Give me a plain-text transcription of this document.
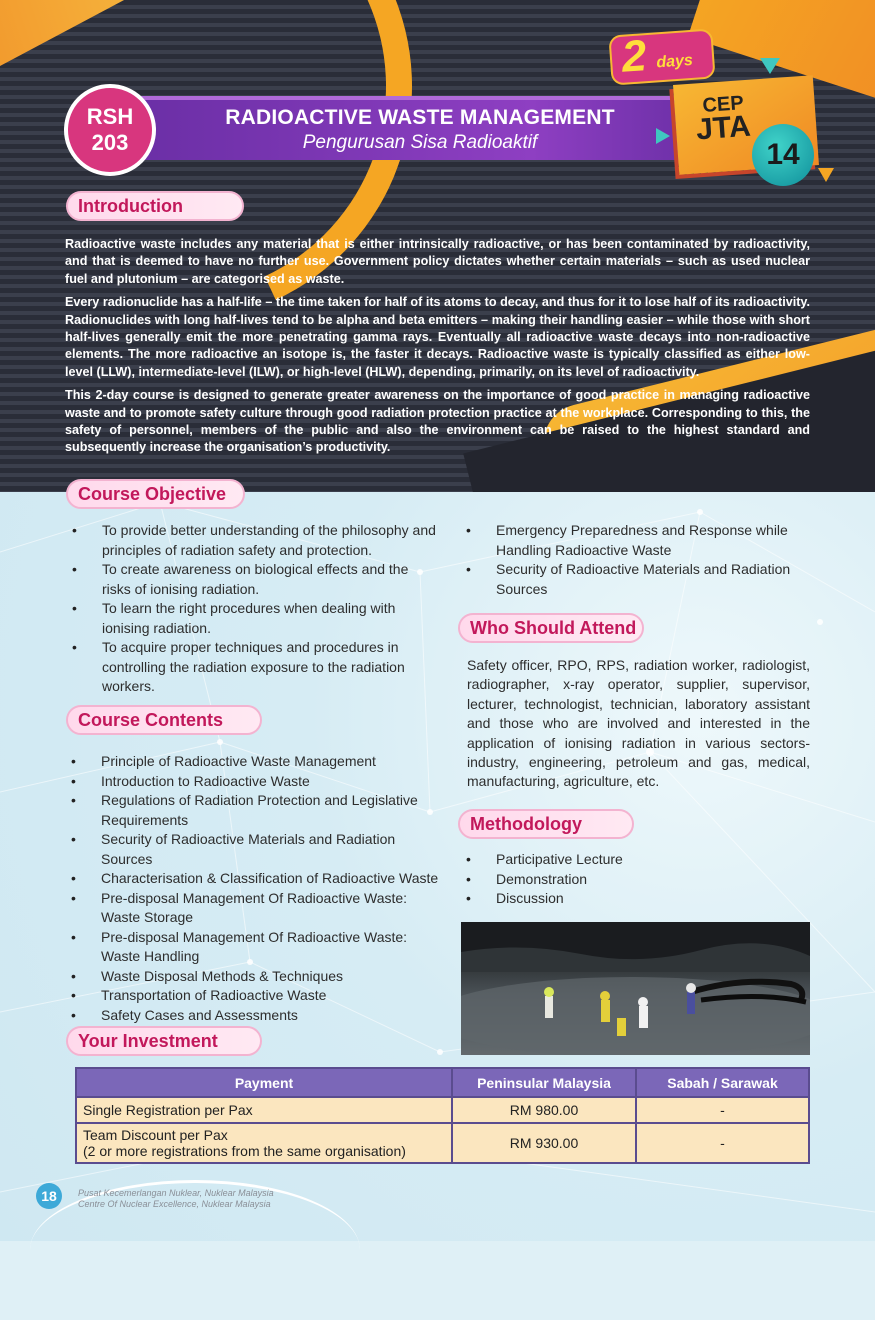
RSH
203
RADIOACTIVE WASTE MANAGEMENT
Pengurusan Sisa Radioaktif
2 days
CEP
JTA
14
Introduction

Radioactive waste includes any material that is either intrinsically radioactive, or has been contaminated by radioactivity, and that is deemed to have no further use. Government policy dictates whether certain materials – such as used nuclear fuel and plutonium – are categorised as waste.

Every radionuclide has a half-life – the time taken for half of its atoms to decay, and thus for it to lose half of its radioactivity. Radionuclides with long half-lives tend to be alpha and beta emitters – making their handling easier – while those with short half-lives generally emit the more penetrating gamma rays. Eventually all radioactive waste decays into non-radioactive elements. The more radioactive an isotope is, the faster it decays. Radioactive waste is typically classified as either low-level (LLW), intermediate-level (ILW), or high-level (HLW), depending, primarily, on its level of radioactivity.

This 2-day course is designed to generate greater awareness on the importance of good practice in managing radioactive waste and to promote safety culture through good radiation protection practice at the workplace. Corresponding to this, the safety of personnel, members of the public and also the environment can be raised to the highest standard and subsequently increase the organisation’s productivity.

Course Objective
• To provide better understanding of the philosophy and principles of radiation safety and protection.
• To create awareness on biological effects and the risks of ionising radiation.
• To learn the right procedures when dealing with ionising radiation.
• To acquire proper techniques and procedures in controlling the radiation exposure to the radiation workers.
Course Contents
• Principle of Radioactive Waste Management
• Introduction to Radioactive Waste
• Regulations of Radiation Protection and Legislative Requirements
• Security of Radioactive Materials and Radiation Sources
• Characterisation & Classification of Radioactive Waste
• Pre-disposal Management Of Radioactive Waste: Waste Storage
• Pre-disposal Management Of Radioactive Waste: Waste Handling
• Waste Disposal Methods & Techniques
• Transportation of Radioactive Waste
• Safety Cases and Assessments
• Emergency Preparedness and Response while Handling Radioactive Waste
• Security of Radioactive Materials and Radiation Sources
Who Should Attend
Safety officer, RPO, RPS, radiation worker, radiologist, radiographer, x-ray operator, supplier, supervisor, lecturer, technologist, technician, laboratory assistant and those who are involved and interested in the application of ionising radiation in various sectors-industry, engineering, petroleum and gas, medical, manufacturing, agriculture, etc.
Methodology
• Participative Lecture
• Demonstration
• Discussion
Your Investment
Payment	Peninsular Malaysia	Sabah / Sarawak
Single Registration per Pax	RM 980.00	-

Team Discount per Pax
(2 or more registrations from the same organisation)	RM 930.00	-
18	Pusat Kecemerlangan Nuklear, Nuklear Malaysia
Centre Of Nuclear Excellence, Nuklear Malaysia
